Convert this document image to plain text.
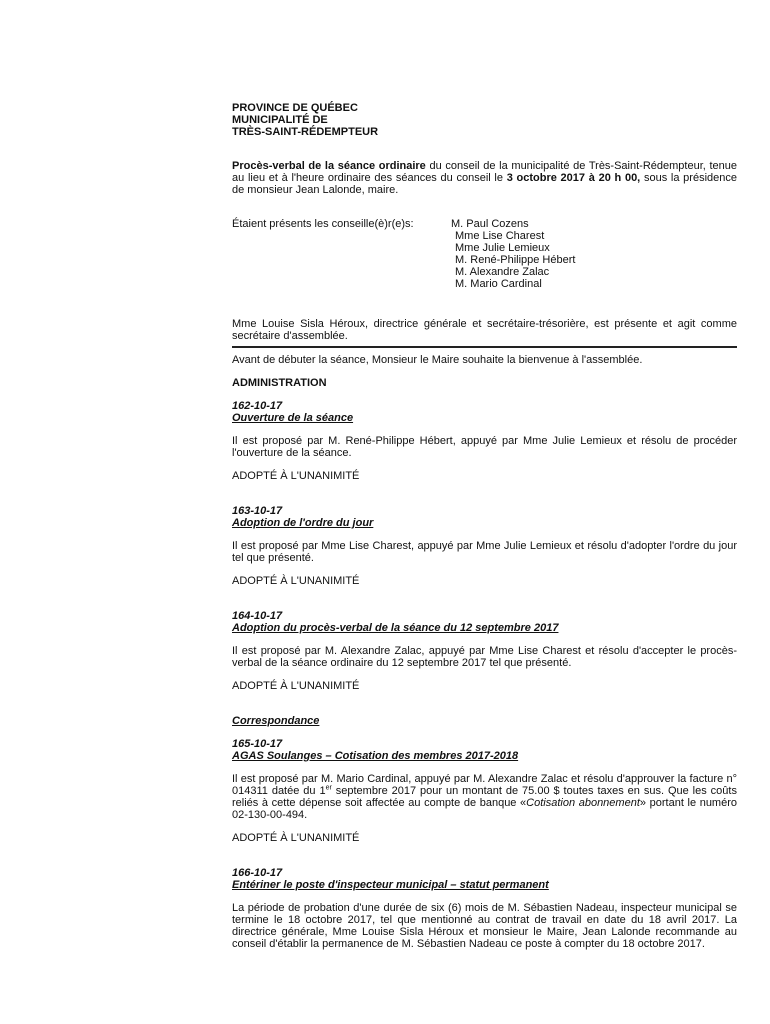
PROVINCE DE QUÉBEC

MUNICIPALITÉ DE

TRÈS-SAINT-RÉDEMPTEUR

Procès-verbal de la séance ordinaire du conseil de la municipalité de Très-Saint-Rédempteur, tenue au lieu et à l'heure ordinaire des séances du conseil le 3 octobre 2017 à 20 h 00, sous la présidence de monsieur Jean Lalonde, maire.

Étaient présents les conseille(è)r(e)s:	M. Paul Cozens
Mme Lise Charest
Mme Julie Lemieux
M. René-Philippe Hébert
M. Alexandre Zalac
M. Mario Cardinal

Mme Louise Sisla Héroux, directrice générale et secrétaire-trésorière, est présente et agit comme secrétaire d'assemblée.

Avant de débuter la séance, Monsieur le Maire souhaite la bienvenue à l'assemblée.

ADMINISTRATION

162-10-17

Ouverture de la séance

Il est proposé par M. René-Philippe Hébert, appuyé par Mme Julie Lemieux et résolu de procéder l'ouverture de la séance.

ADOPTÉ À L'UNANIMITÉ

163-10-17

Adoption de l'ordre du jour

Il est proposé par Mme Lise Charest, appuyé par Mme Julie Lemieux et résolu d'adopter l'ordre du jour tel que présenté.

ADOPTÉ À L'UNANIMITÉ

164-10-17

Adoption du procès-verbal de la séance du 12 septembre 2017

Il est proposé par M. Alexandre Zalac, appuyé par Mme Lise Charest et résolu d'accepter le procès-verbal de la séance ordinaire du 12 septembre 2017 tel que présenté.

ADOPTÉ À L'UNANIMITÉ

Correspondance

165-10-17

AGAS Soulanges – Cotisation des membres 2017-2018

Il est proposé par M. Mario Cardinal, appuyé par M. Alexandre Zalac et résolu d'approuver la facture n° 014311 datée du 1er septembre 2017 pour un montant de 75.00 $ toutes taxes en sus. Que les coûts reliés à cette dépense soit affectée au compte de banque «Cotisation abonnement» portant le numéro 02-130-00-494.

ADOPTÉ À L'UNANIMITÉ

166-10-17

Entériner le poste d'inspecteur municipal – statut permanent

La période de probation d'une durée de six (6) mois de M. Sébastien Nadeau, inspecteur municipal se termine le 18 octobre 2017, tel que mentionné au contrat de travail en date du 18 avril 2017. La directrice générale, Mme Louise Sisla Héroux et monsieur le Maire, Jean Lalonde recommande au conseil d'établir la permanence de M. Sébastien Nadeau ce poste à compter du 18 octobre 2017.
